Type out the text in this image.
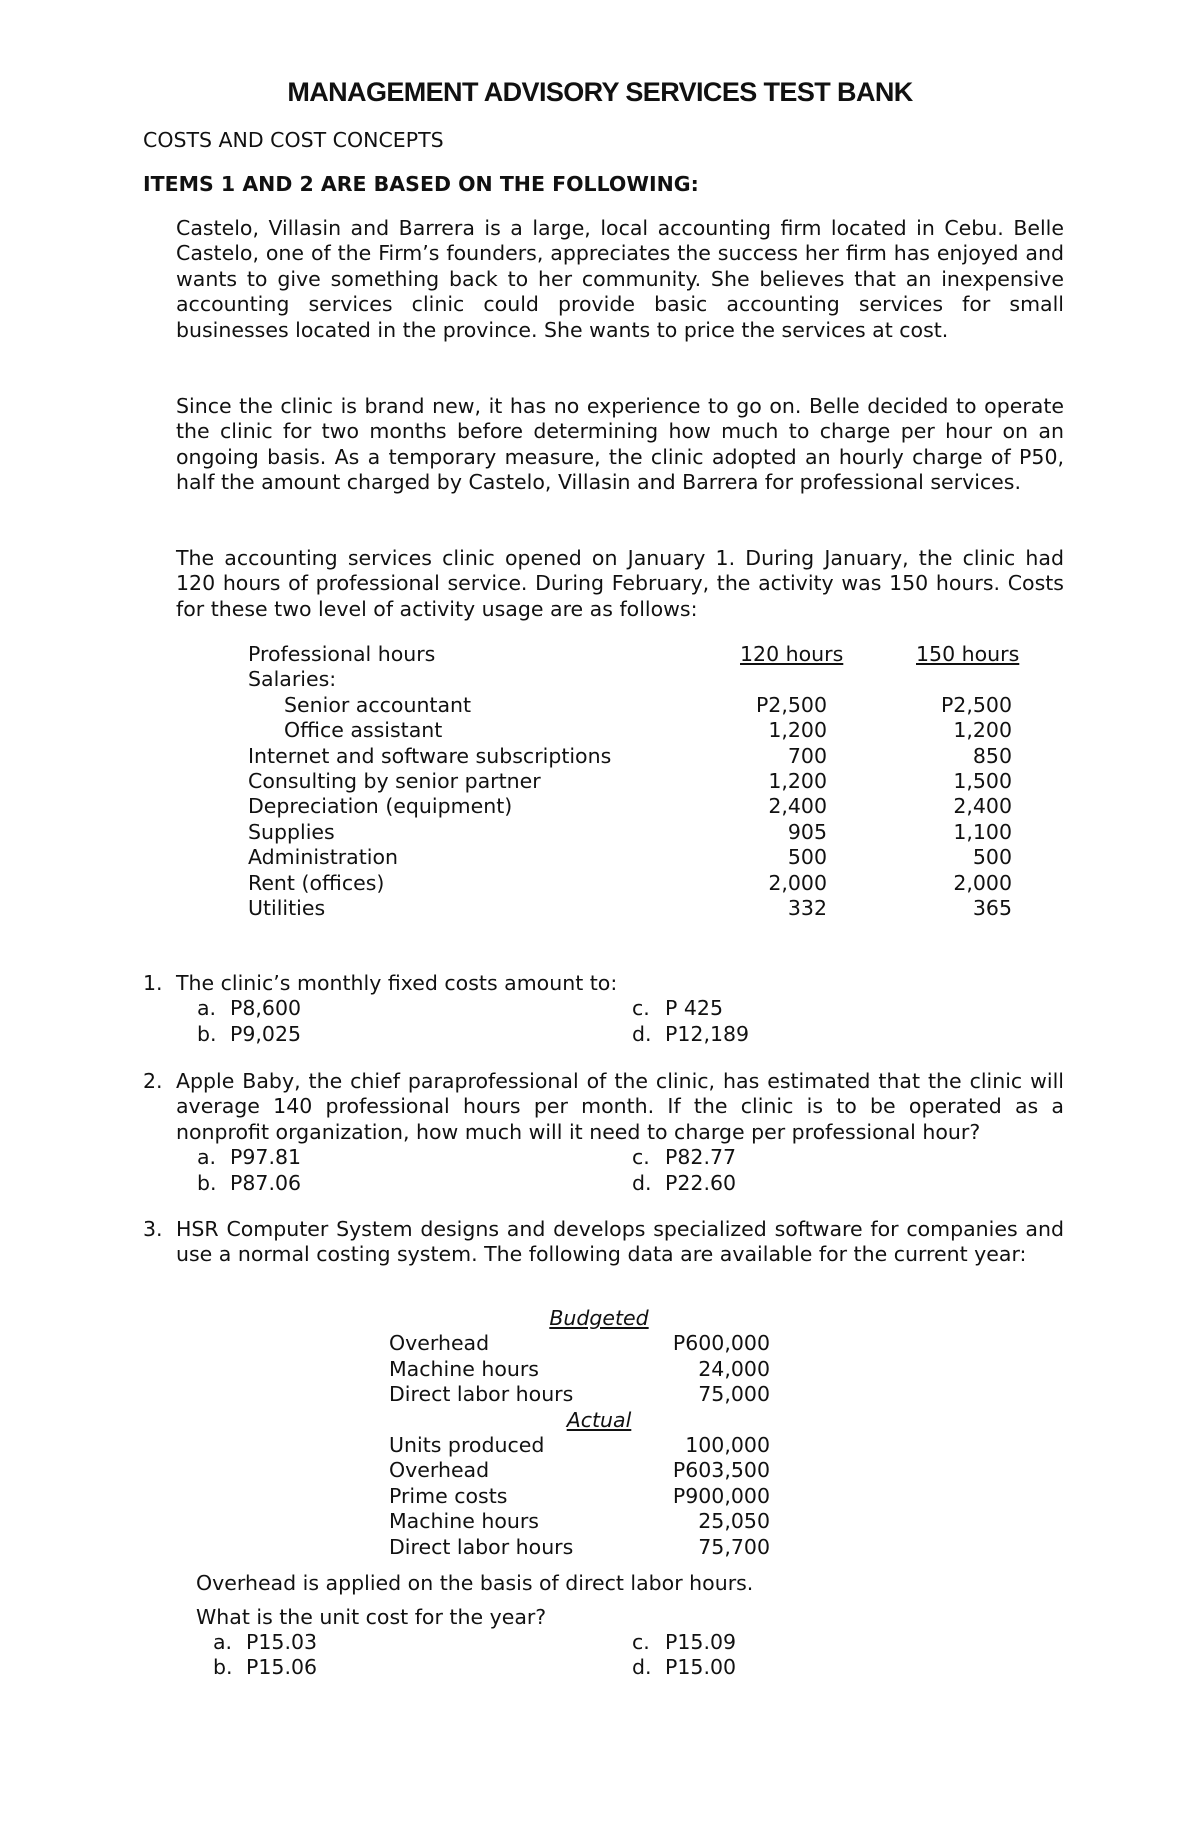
MANAGEMENT ADVISORY SERVICES TEST BANK
COSTS AND COST CONCEPTS
ITEMS 1 AND 2 ARE BASED ON THE FOLLOWING:

Castelo, Villasin and Barrera is a large, local accounting firm located in Cebu. Belle Castelo, one of the Firm’s founders, appreciates the success her firm has enjoyed and wants to give something back to her community. She believes that an inexpensive accounting services clinic could provide basic accounting services for small businesses located in the province. She wants to price the services at cost.

Since the clinic is brand new, it has no experience to go on. Belle decided to operate the clinic for two months before determining how much to charge per hour on an ongoing basis. As a temporary measure, the clinic adopted an hourly charge of P50, half the amount charged by Castelo, Villasin and Barrera for professional services.

The accounting services clinic opened on January 1. During January, the clinic had 120 hours of professional service. During February, the activity was 150 hours. Costs for these two level of activity usage are as follows:

Professional hours	120 hours	150 hours
Salaries:
Senior accountant	P2,500	P2,500
Office assistant	1,200	1,200
Internet and software subscriptions	700	850
Consulting by senior partner	1,200	1,500
Depreciation (equipment)	2,400	2,400
Supplies	905	1,100
Administration	500	500
Rent (offices)	2,000	2,000
Utilities	332	365
1. The clinic’s monthly fixed costs amount to:
a. P8,600
b. P9,025
c. P 425
d. P12,189
2. Apple Baby, the chief paraprofessional of the clinic, has estimated that the clinic will average 140 professional hours per month. If the clinic is to be operated as a nonprofit organization, how much will it need to charge per professional hour?
a. P97.81
b. P87.06
c. P82.77
d. P22.60
3. HSR Computer System designs and develops specialized software for companies and use a normal costing system. The following data are available for the current year:
Budgeted
Overhead	P600,000
Machine hours	24,000
Direct labor hours	75,000
Actual
Units produced	100,000
Overhead	P603,500
Prime costs	P900,000
Machine hours	25,050
Direct labor hours	75,700
Overhead is applied on the basis of direct labor hours.
What is the unit cost for the year?
a. P15.03
b. P15.06
c. P15.09
d. P15.00
